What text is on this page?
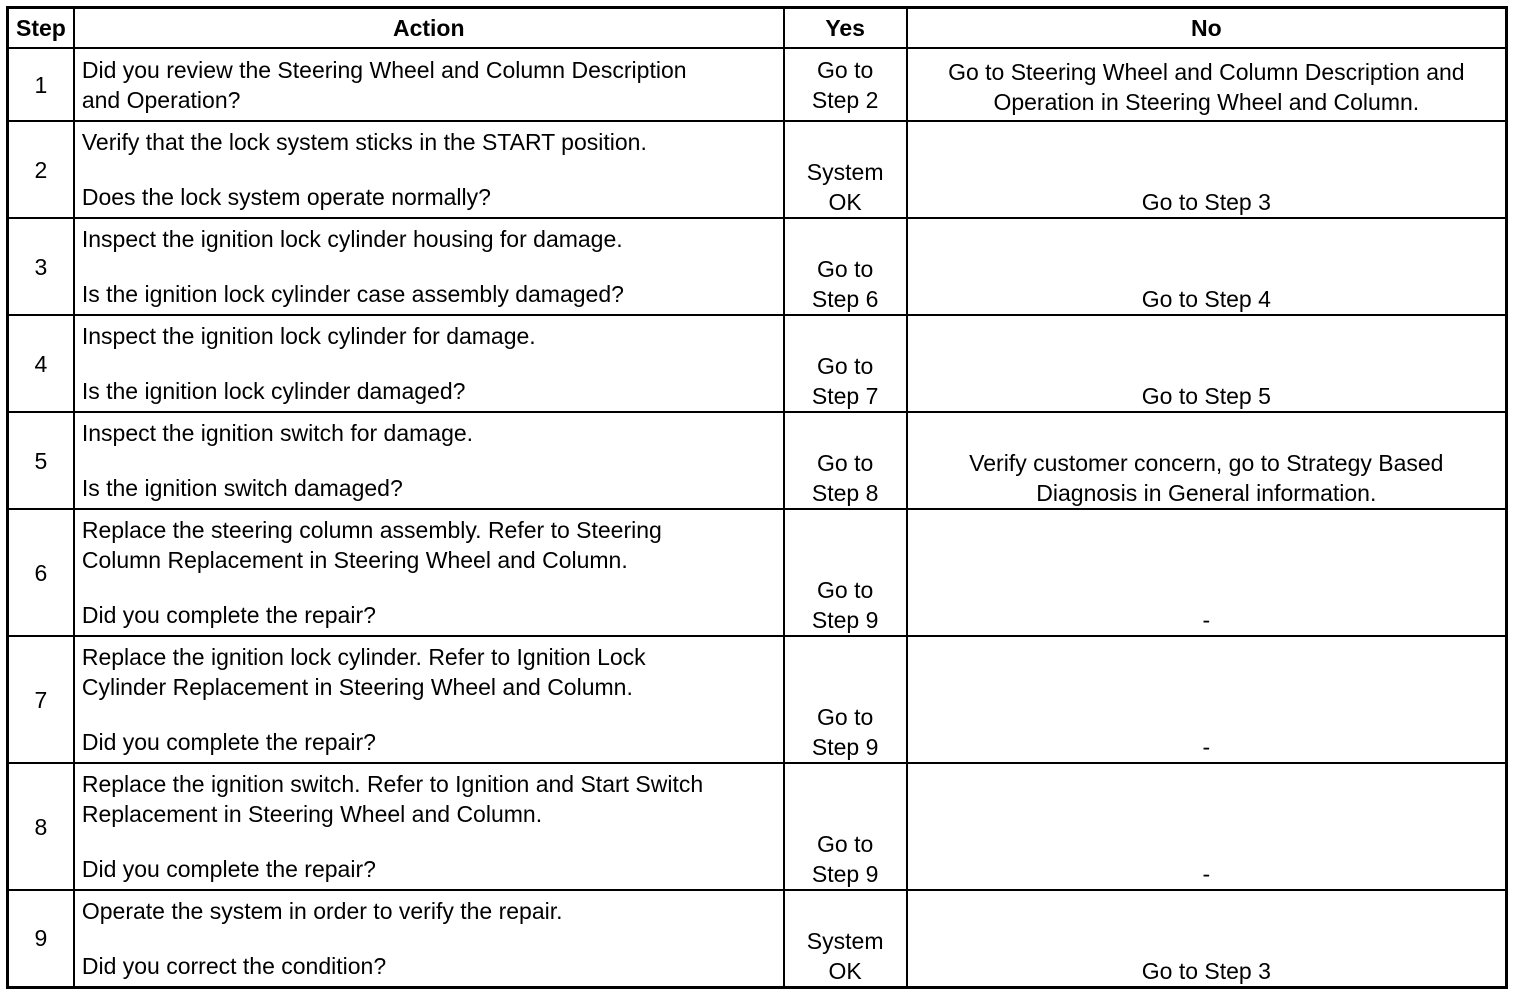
Step	Action	Yes	No
1	Did you review the Steering Wheel and Column Description
and Operation?	Go to
Step 2	Go to Steering Wheel and Column Description and
Operation in Steering Wheel and Column.

2	Verify that the lock system sticks in the START position.
Does the lock system operate normally?	System
OK	Go to Step 3

3	Inspect the ignition lock cylinder housing for damage.
Is the ignition lock cylinder case assembly damaged?	Go to
Step 6	Go to Step 4

4	Inspect the ignition lock cylinder for damage.
Is the ignition lock cylinder damaged?	Go to
Step 7	Go to Step 5

5	Inspect the ignition switch for damage.
Is the ignition switch damaged?	Go to
Step 8	Verify customer concern, go to Strategy Based
Diagnosis in General information.

6	Replace the steering column assembly. Refer to Steering
Column Replacement in Steering Wheel and Column.
Did you complete the repair?	Go to
Step 9	-

7	Replace the ignition lock cylinder. Refer to Ignition Lock
Cylinder Replacement in Steering Wheel and Column.
Did you complete the repair?	Go to
Step 9	-

8	Replace the ignition switch. Refer to Ignition and Start Switch
Replacement in Steering Wheel and Column.
Did you complete the repair?	Go to
Step 9	-

9	Operate the system in order to verify the repair.
Did you correct the condition?	System
OK	Go to Step 3
